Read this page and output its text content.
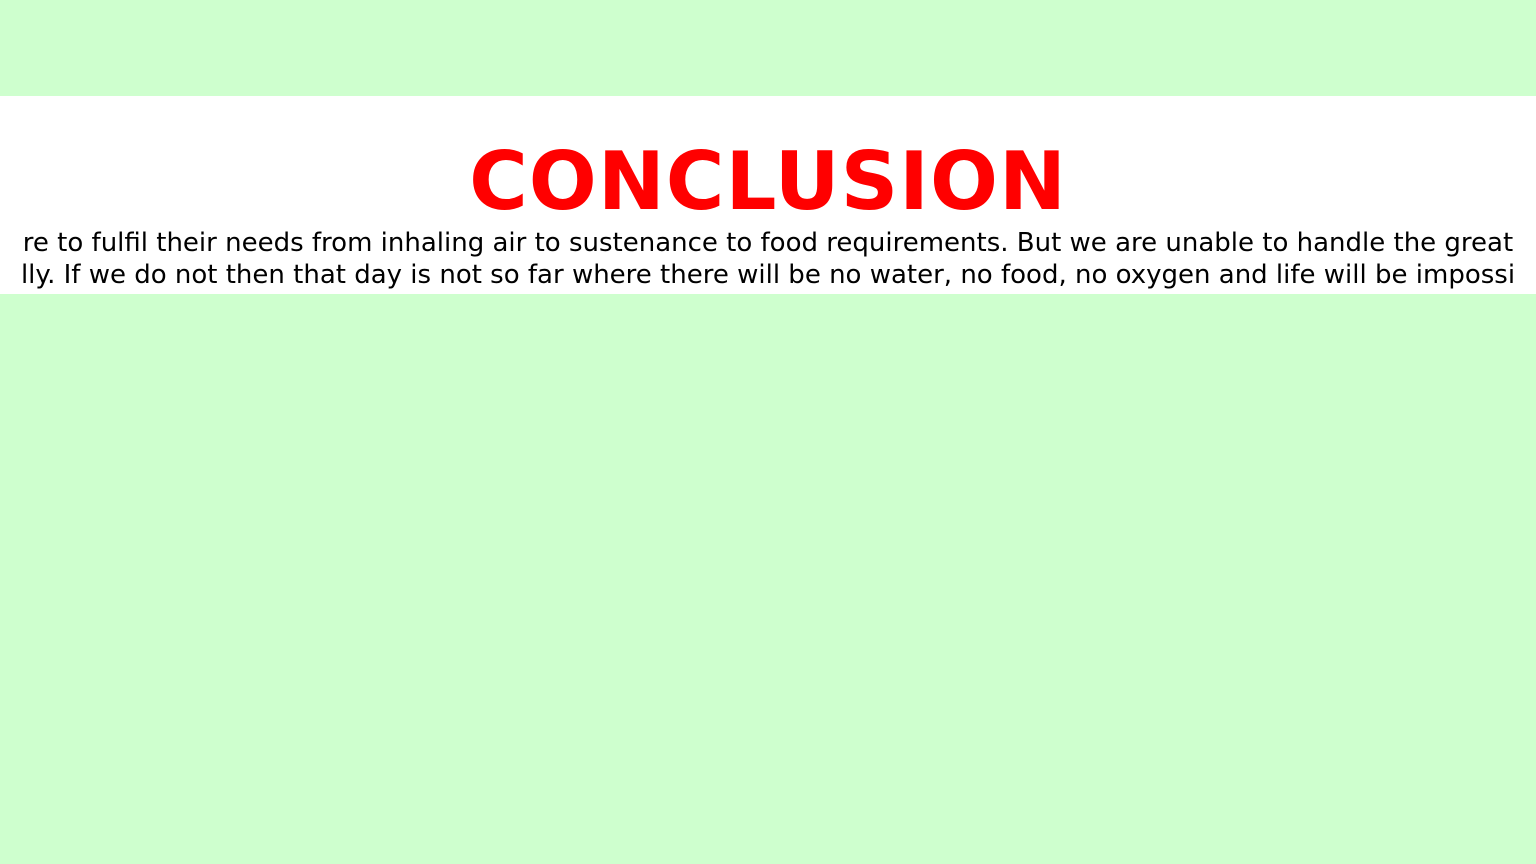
CONCLUSION

re to fulfil their needs from inhaling air to sustenance to food requirements. But we are unable to handle the great
lly. If we do not then that day is not so far where there will be no water, no food, no oxygen and life will be impossi
